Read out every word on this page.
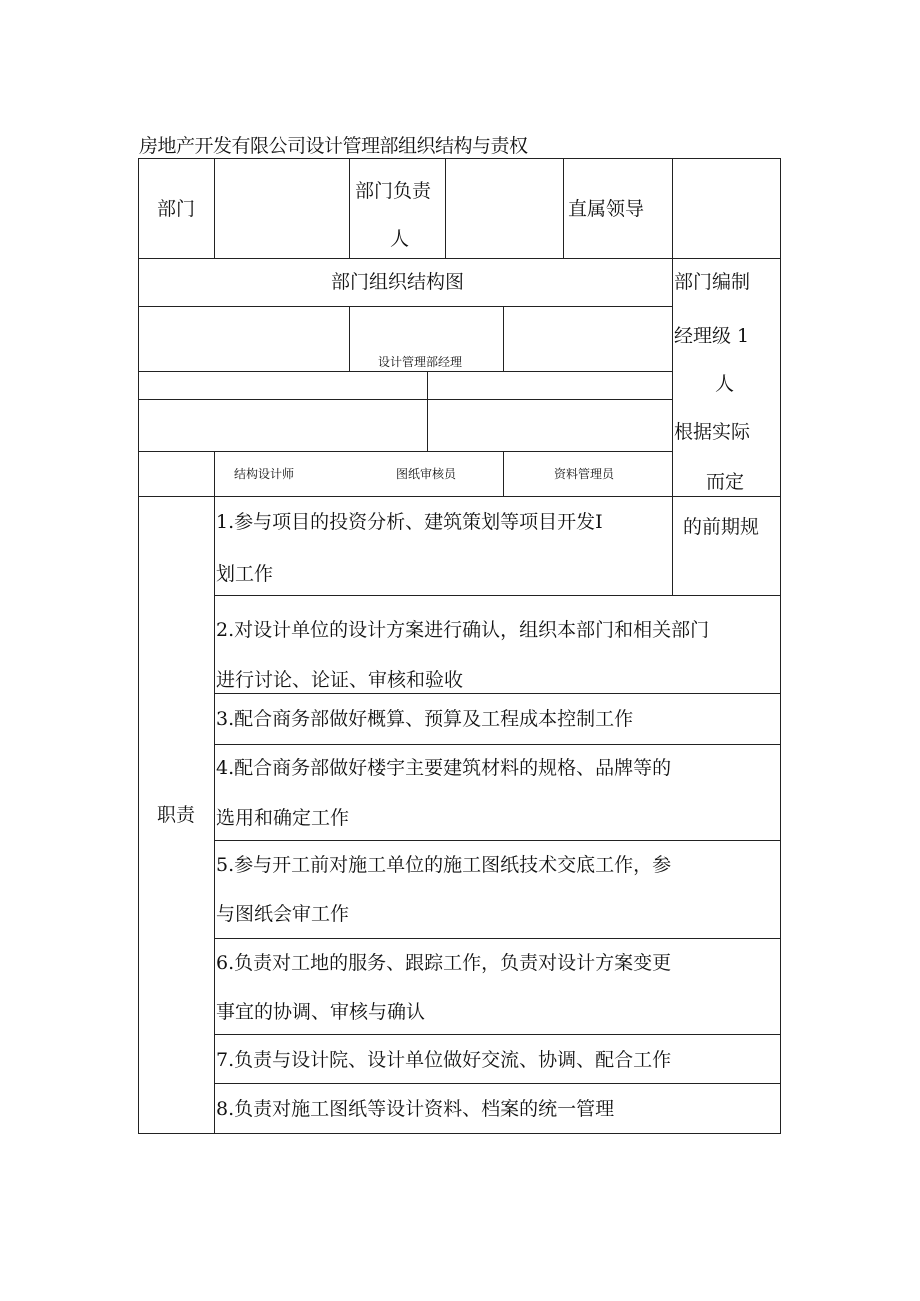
房地产开发有限公司设计管理部组织结构与责权
部门
部门负责
人
直属领导
部门组织结构图
设计管理部经理
结构设计师	图纸审核员	资料管理员
部门编制
经理级 1
人
根据实际
而定
职责
的前期规
1.参与项目的投资分析、建筑策划等项目开发I
划工作
2.对设计单位的设计方案进行确认，组织本部门和相关部门
进行讨论、论证、审核和验收
3.配合商务部做好概算、预算及工程成本控制工作
4.配合商务部做好楼宇主要建筑材料的规格、品牌等的
选用和确定工作
5.参与开工前对施工单位的施工图纸技术交底工作，参
与图纸会审工作
6.负责对工地的服务、跟踪工作，负责对设计方案变更
事宜的协调、审核与确认
7.负责与设计院、设计单位做好交流、协调、配合工作
8.负责对施工图纸等设计资料、档案的统一管理
